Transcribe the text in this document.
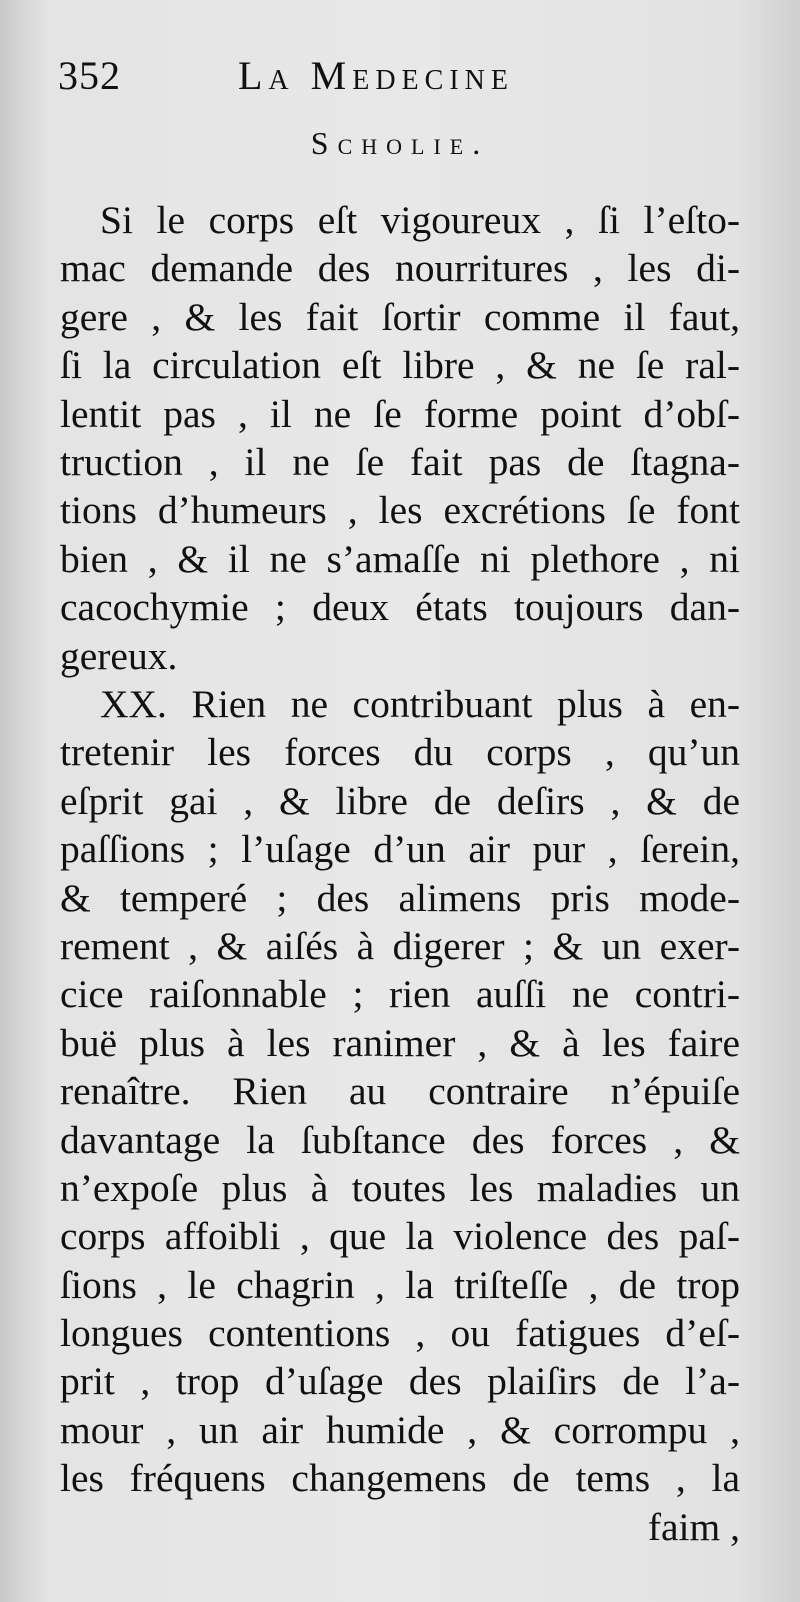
352	La Medecine
Scholie.
Si le corps eſt vigoureux , ſi l’eſto-
mac demande des nourritures , les di-
gere , & les fait ſortir comme il faut,
ſi la circulation eſt libre , & ne ſe ral-
lentit pas , il ne ſe forme point d’obſ-
truction , il ne ſe fait pas de ſtagna-
tions d’humeurs , les excrétions ſe font
bien , & il ne s’amaſſe ni plethore , ni
cacochymie ; deux états toujours dan-
gereux.
XX. Rien ne contribuant plus à en-
tretenir les forces du corps , qu’un
eſprit gai , & libre de deſirs , & de
paſſions ; l’uſage d’un air pur , ſerein,
& temperé ; des alimens pris mode-
rement , & aiſés à digerer ; & un exer-
cice raiſonnable ; rien auſſi ne contri-
buë plus à les ranimer , & à les faire
renaître. Rien au contraire n’épuiſe
davantage la ſubſtance des forces , &
n’expoſe plus à toutes les maladies un
corps affoibli , que la violence des paſ-
ſions , le chagrin , la triſteſſe , de trop
longues contentions , ou fatigues d’eſ-
prit , trop d’uſage des plaiſirs de l’a-
mour , un air humide , & corrompu ,
les fréquens changemens de tems , la
faim ,
